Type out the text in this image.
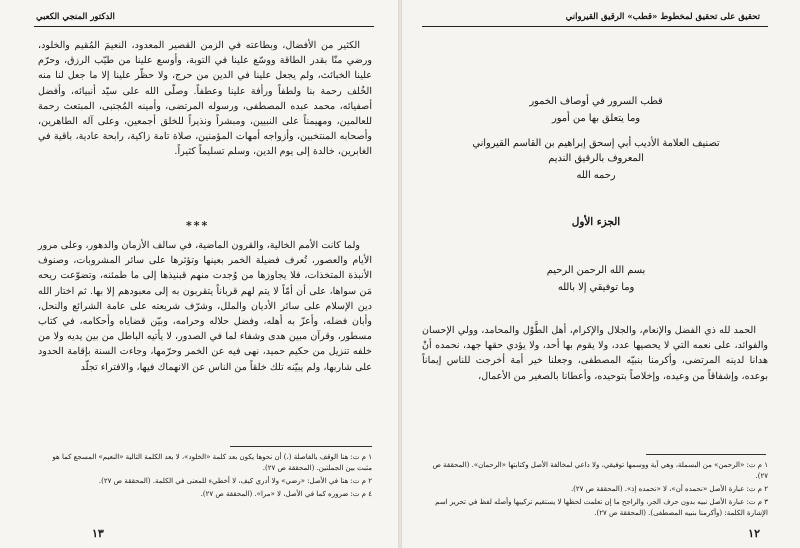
الدكتور المنجي الكعبي

الكثير من الأفضال، وبطاعته في الزمن القصير المعدود، النعيمَ المُقيم والخلود، ورضي منّا بقدر الطاقة ووسّع علينا في التوبة، وأوسع علينا من طيّب الرزق، وحرّم علينا الخبائث، ولم يجعل علينا في الدين من حرج، ولا حظّر علينا إلا ما جعل لنا منه الخُلف رحمة بنا ولطفاً ورأفة علينا وعطفاً. وصلّى الله على سيّد أنبيائه، وأفضل أصفيائه، محمد عبده المصطفى، ورسوله المرتضى، وأمينه المُجتبى، المبتعث رحمة للعالمين، ومهيمناً على النبيين، ومبشراً ونذيراً للخلق أجمعين، وعلى آله الطاهرين، وأصحابه المنتخبين، وأزواجه أمهات المؤمنين، صلاة تامة زاكية، رابحة عادية، باقية في الغابرين، خالدة إلى يوم الدين، وسلم تسليماً كثيراً.

***

ولما كانت الأمم الخالية، والقرون الماضية، في سالف الأزمان والدهور، وعلى مرور الأيام والعصور، تُعرف فضيلة الخمر بعينها وتؤثرها على سائر المشروبات، وصنوف الأنبذة المتخذات، فلا يجاوزها من وُجدت منهم قبنيذها إلى ما طمئنه، وتضوّعت ريحه مَن سواها، على أن أمّاً لا يتم لهم قرباناً يتقربون به إلى معبودهم إلا بها. ثم اختار الله دين الإسلام على سائر الأديان والملل، وشرّف شريعته على عامة الشرائع والنحل، وأبان فضله، وأعزّ به أهله، وفضل حلاله وحرامه، وبيّن قضاياه وأحكامه، في كتاب مسطور، وقرآن مبين هدى وشفاء لما في الصدور، لا يأتيه الباطل من بين يديه ولا من خلفه تنزيل من حكيم حميد، نهى فيه عن الخمر وحرّمها، وجاءت السنة بإقامة الحدود على شاربها، ولم يبيّنه تلك خلقاً من الناس عن الانهماك فيها، والافتراء تجلّد

١ م ت: هنا الوقف بالفاصلة (،) أن نحوها يكون بعد كلمة «الخلود»، لا بعد الكلمة التالية «النعيم» المسجع كما هو مثبت بين الجملتين. (المحققة ص ٢٧).
٢ م ت: هنا في الأصل: «رضي» ولا أدري كيف، لا أخطيء للمعنى في الكلمة. (المحققة ص ٢٧).
٤ م ت: ضروره كما في الأصل، لا «مرا». (المحققة ص ٢٧).
١٣
تحقيق على تحقيق لمخطوط «قطب» الرقيق القيرواني
قطب السرور في أوصاف الخمور
وما يتعلق بها من أمور
تصنيف العلامة الأديب أبي إسحق إبراهيم بن القاسم القيرواني
المعروف بالرقيق النديم
رحمه الله
الجزء الأول
بسم الله الرحمن الرحيم
وما توفيقي إلا بالله

الحمد لله ذي الفضل والإنعام، والجلال والإكرام، أهل الطَّوْل والمحامد، وولي الإحسان والفوائد، على نعمه التي لا يحصيها عدد، ولا يقوم بها أحد، ولا يؤدي حقها جهد، نحمده أنْ هدانا لدينه المرتضى، وأكرمنا بنبيّه المصطفى، وجعلنا خير أمة أخرجت للناس إيماناً بوعده، وإشفاقاً من وعيده، وإخلاصاً بتوحيده، وأعطانا بالصغير من الأعمال،

١ م ت: «الرحمن» من البسملة، وهي آية ووسمها توفيقي، ولا داعي لمخالفة الأصل وكتابتها «الرحمان». (المحققة ص ٢٧).
٢ م ت: عبارة الأصل «نحمده أن»، لا «نحمده إذ». (المحققة ص ٢٧).
٣ م ت: عبارة الأصل نبيه بدون حرف الجر، والراجح ما إن تعلمت لحظها لا يستقيم تركيبها وأصله لفظ في تحرير اسم الإشارة الكلمة: (وأكرمنا بنبيه المصطفى). (المحققة ص ٢٧).
١٢
